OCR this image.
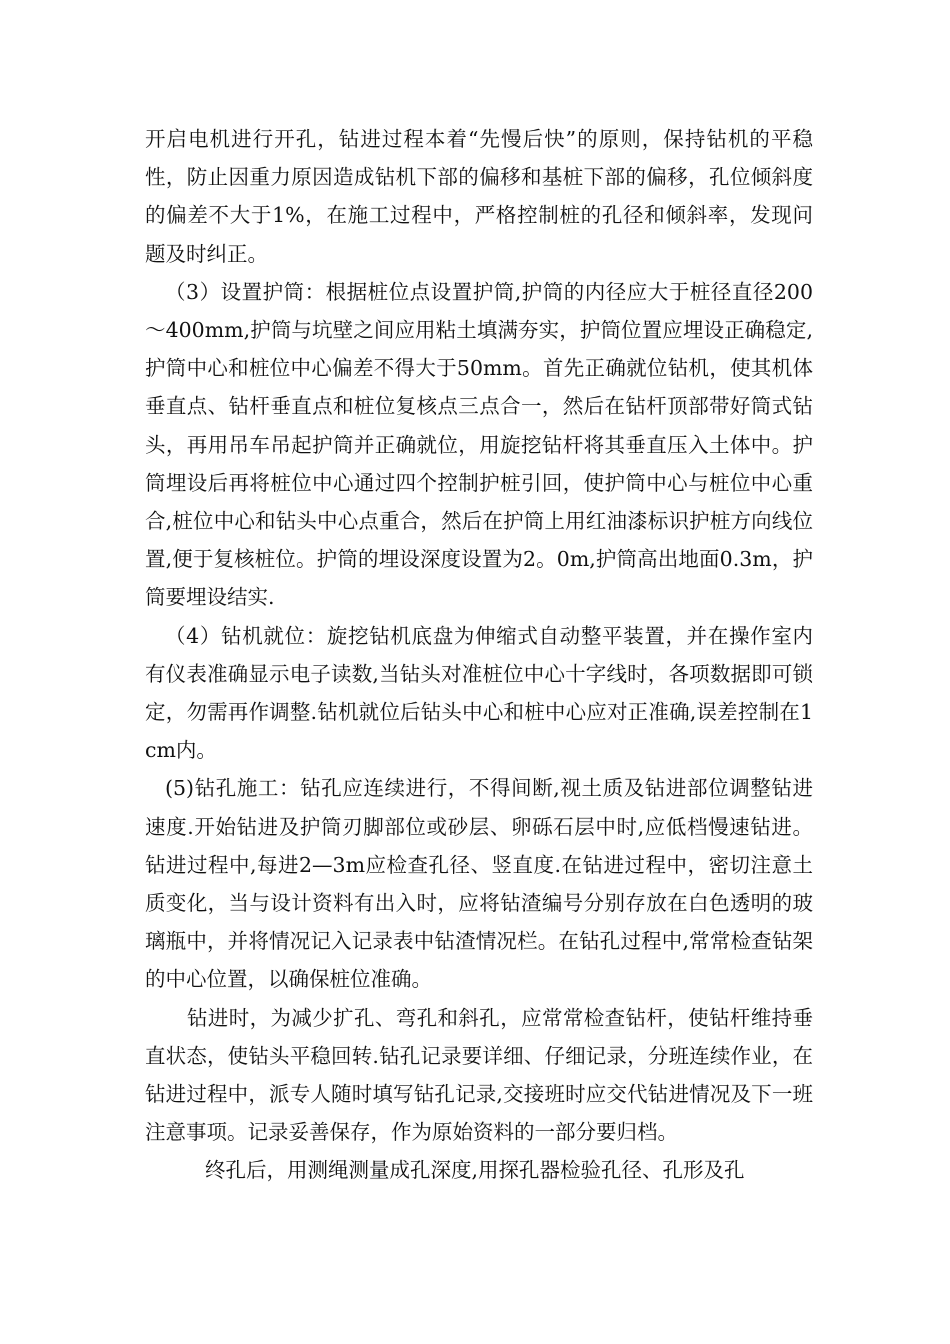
开启电机进行开孔，钻进过程本着“先慢后快”的原则，保持钻机的平稳性，防止因重力原因造成钻机下部的偏移和基桩下部的偏移，孔位倾斜度的偏差不大于1%，在施工过程中，严格控制桩的孔径和倾斜率，发现问题及时纠正。

（3）设置护筒：根据桩位点设置护筒,护筒的内径应大于桩径直径200～400mm,护筒与坑壁之间应用粘土填满夯实，护筒位置应埋设正确稳定,护筒中心和桩位中心偏差不得大于50mm。首先正确就位钻机，使其机体垂直点、钻杆垂直点和桩位复核点三点合一，然后在钻杆顶部带好筒式钻头，再用吊车吊起护筒并正确就位，用旋挖钻杆将其垂直压入土体中。护筒埋设后再将桩位中心通过四个控制护桩引回，使护筒中心与桩位中心重合,桩位中心和钻头中心点重合，然后在护筒上用红油漆标识护桩方向线位置,便于复核桩位。护筒的埋设深度设置为2。0m,护筒高出地面0.3m，护筒要埋设结实.

（4）钻机就位：旋挖钻机底盘为伸缩式自动整平装置，并在操作室内有仪表准确显示电子读数,当钻头对准桩位中心十字线时，各项数据即可锁定，勿需再作调整.钻机就位后钻头中心和桩中心应对正准确,误差控制在1cm内。

(5)钻孔施工：钻孔应连续进行，不得间断,视土质及钻进部位调整钻进速度.开始钻进及护筒刃脚部位或砂层、卵砾石层中时,应低档慢速钻进。钻进过程中,每进2—3m应检查孔径、竖直度.在钻进过程中，密切注意土质变化，当与设计资料有出入时，应将钻渣编号分别存放在白色透明的玻璃瓶中，并将情况记入记录表中钻渣情况栏。在钻孔过程中,常常检查钻架的中心位置，以确保桩位准确。

钻进时，为减少扩孔、弯孔和斜孔，应常常检查钻杆，使钻杆维持垂直状态，使钻头平稳回转.钻孔记录要详细、仔细记录，分班连续作业，在钻进过程中，派专人随时填写钻孔记录,交接班时应交代钻进情况及下一班注意事项。记录妥善保存，作为原始资料的一部分要归档。

终孔后，用测绳测量成孔深度,用探孔器检验孔径、孔形及孔
